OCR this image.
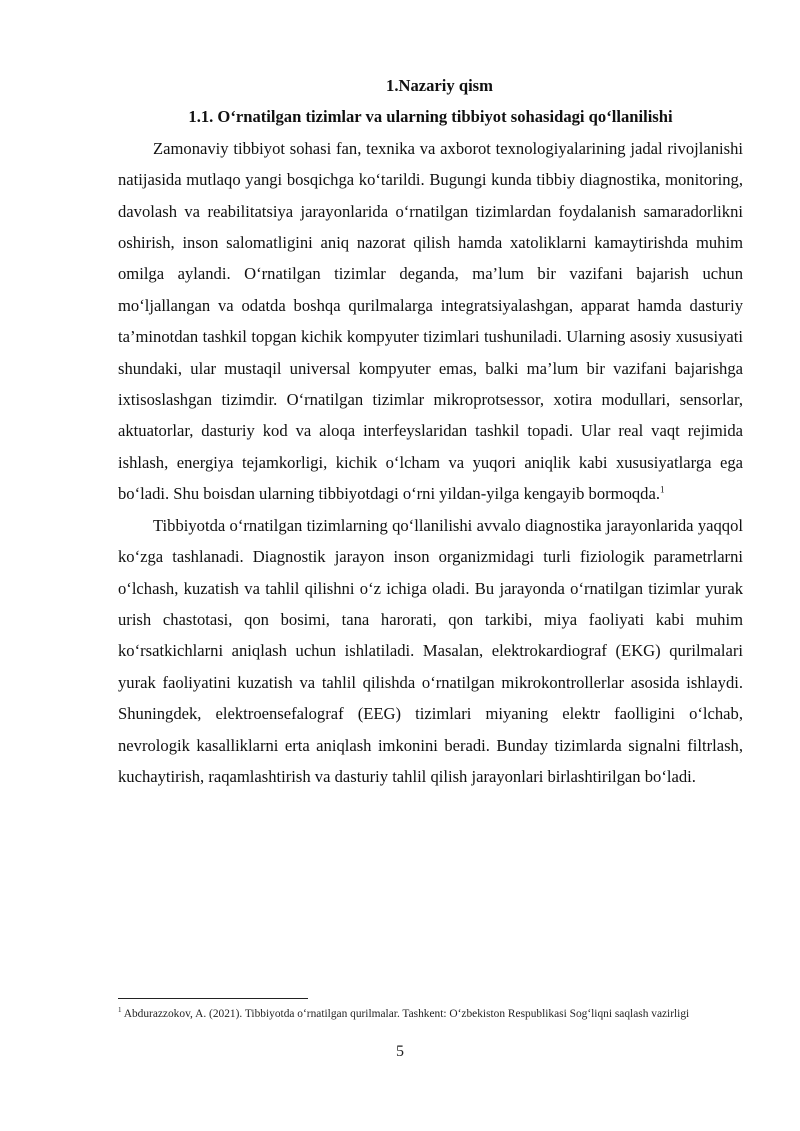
1.Nazariy qism

1.1. O‘rnatilgan tizimlar va ularning tibbiyot sohasidagi qo‘llanilishi

Zamonaviy tibbiyot sohasi fan, texnika va axborot texnologiyalarining jadal rivojlanishi natijasida mutlaqo yangi bosqichga ko‘tarildi. Bugungi kunda tibbiy diagnostika, monitoring, davolash va reabilitatsiya jarayonlarida o‘rnatilgan tizimlardan foydalanish samaradorlikni oshirish, inson salomatligini aniq nazorat qilish hamda xatoliklarni kamaytirishda muhim omilga aylandi. O‘rnatilgan tizimlar deganda, ma’lum bir vazifani bajarish uchun mo‘ljallangan va odatda boshqa qurilmalarga integratsiyalashgan, apparat hamda dasturiy ta’minotdan tashkil topgan kichik kompyuter tizimlari tushuniladi. Ularning asosiy xususiyati shundaki, ular mustaqil universal kompyuter emas, balki ma’lum bir vazifani bajarishga ixtisoslashgan tizimdir. O‘rnatilgan tizimlar mikroprotsessor, xotira modullari, sensorlar, aktuatorlar, dasturiy kod va aloqa interfeyslaridan tashkil topadi. Ular real vaqt rejimida ishlash, energiya tejamkorligi, kichik o‘lcham va yuqori aniqlik kabi xususiyatlarga ega bo‘ladi. Shu boisdan ularning tibbiyotdagi o‘rni yildan-yilga kengayib bormoqda.$^1$

Tibbiyotda o‘rnatilgan tizimlarning qo‘llanilishi avvalo diagnostika jarayonlarida yaqqol ko‘zga tashlanadi. Diagnostik jarayon inson organizmidagi turli fiziologik parametrlarni o‘lchash, kuzatish va tahlil qilishni o‘z ichiga oladi. Bu jarayonda o‘rnatilgan tizimlar yurak urish chastotasi, qon bosimi, tana harorati, qon tarkibi, miya faoliyati kabi muhim ko‘rsatkichlarni aniqlash uchun ishlatiladi. Masalan, elektrokardiograf (EKG) qurilmalari yurak faoliyatini kuzatish va tahlil qilishda o‘rnatilgan mikrokontrollerlar asosida ishlaydi. Shuningdek, elektroensefalograf (EEG) tizimlari miyaning elektr faolligini o‘lchab, nevrologik kasalliklarni erta aniqlash imkonini beradi. Bunday tizimlarda signalni filtrlash, kuchaytirish, raqamlashtirish va dasturiy tahlil qilish jarayonlari birlashtirilgan bo‘ladi.

$^1$ Abdurazzokov, A. (2021). Tibbiyotda o‘rnatilgan qurilmalar. Tashkent: O‘zbekiston Respublikasi Sog‘liqni saqlash vazirligi
5
